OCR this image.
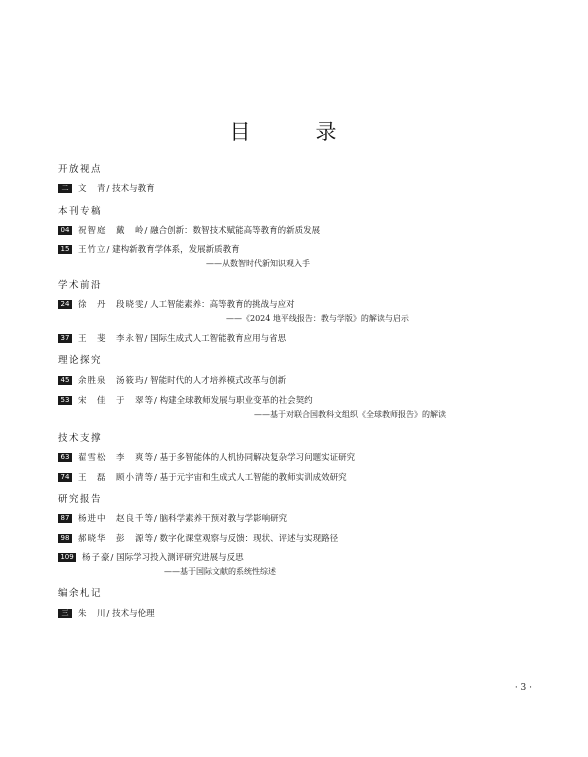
目　录
开放视点
二 文　青/ 技术与教育
本刊专稿
04 祝智庭　戴　岭/ 融合创新：数智技术赋能高等教育的新质发展
15 王竹立/ 建构新教育学体系，发展新质教育
——从数智时代新知识观入手
学术前沿
24 徐　丹　段晓雯/ 人工智能素养：高等教育的挑战与应对
——《2024 地平线报告：教与学版》的解读与启示
37 王　斐　李永智/ 国际生成式人工智能教育应用与省思
理论探究
45 余胜泉　汤筱玙/ 智能时代的人才培养模式改革与创新
53 宋　佳　于　翠等/ 构建全球教师发展与职业变革的社会契约
——基于对联合国教科文组织《全球教师报告》的解读
技术支撑
63 翟雪松　李　爽等/ 基于多智能体的人机协同解决复杂学习问题实证研究
74 王　磊　顾小清等/ 基于元宇宙和生成式人工智能的教师实训成效研究
研究报告
87 杨进中　赵良千等/ 脑科学素养干预对教与学影响研究
98 郝晓华　彭　源等/ 数字化课堂观察与反馈：现状、评述与实现路径
109 杨子豪/ 国际学习投入测评研究进展与反思
——基于国际文献的系统性综述
编余札记
三 朱　川/ 技术与伦理
· 3 ·
